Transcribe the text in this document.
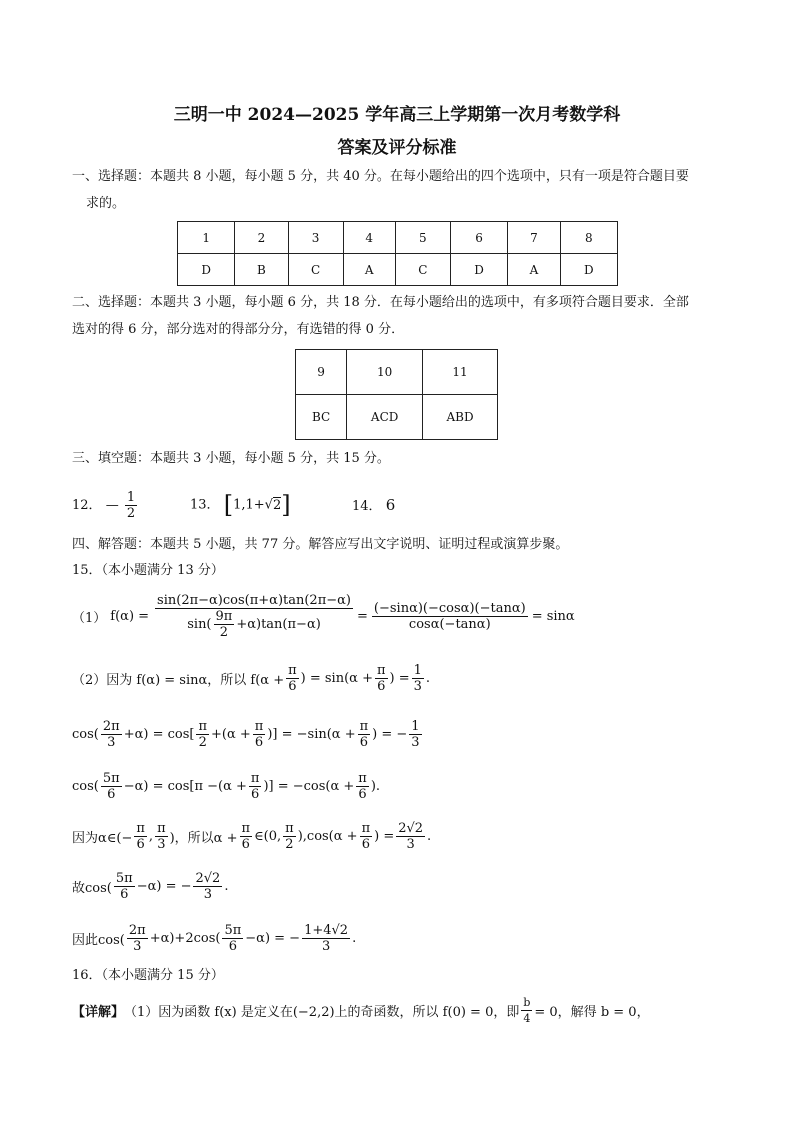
三明一中 2024—2025 学年高三上学期第一次月考数学科
答案及评分标准
一、选择题：本题共 8 小题，每小题 5 分，共 40 分。在每小题给出的四个选项中，只有一项是符合题目要
求的。
1	2	3	4	5	6	7	8
D	B	C	A	C	D	A	D
二、选择题：本题共 3 小题，每小题 6 分，共 18 分．在每小题给出的选项中，有多项符合题目要求．全部
选对的得 6 分，部分选对的得部分分，有选错的得 0 分．
9	10	11
BC	ACD	ABD
三、填空题：本题共 3 小题，每小题 5 分，共 15 分。
12． — $\frac{1}{2}$	13． [1,1+√2]	14． 6
四、解答题：本题共 5 小题，共 77 分。解答应写出文字说明、证明过程或演算步聚。
15．（本小题满分 13 分）
（1） $f(\alpha) = \frac{\sin(2\pi-\alpha)\cos(\pi+\alpha)\tan(2\pi-\alpha)}{\sin( \frac{9\pi}{2} +\alpha)\tan(\pi-\alpha)} = \frac{(-\sin\alpha)(-\cos\alpha)(-\tan\alpha)}{\cos\alpha(-\tan\alpha)} = \sin\alpha$
（2）因为 f(α) = sinα，所以 $f(\alpha + \frac{\pi}{6}$ ) = $\sin(\alpha + \frac{\pi}{6}$ ) = $\frac{1}{3}$ .
$\cos( \frac{2\pi}{3} +\alpha) = \cos[ \frac{\pi}{2} +(\alpha + \frac{\pi}{6}$ )] = $-\sin(\alpha + \frac{\pi}{6}$ ) = − $\frac{1}{3}$
$\cos( \frac{5\pi}{6} -\alpha) = \cos[\pi -(\alpha + \frac{\pi}{6}$ )] = $-\cos(\alpha + \frac{\pi}{6}$ ).
因为α∈(− $\frac{\pi}{6}$ , $\frac{\pi}{3}$ )，所以$\alpha + \frac{\pi}{6}$ ∈(0, $\frac{\pi}{2} ),\cos(\alpha + \frac{\pi}{6}$ ) = $\frac{2√2}{3}$ .
故$\cos( \frac{5\pi}{6} -\alpha)$ = − $\frac{2√2}{3}$ .
因此$\cos( \frac{2\pi}{3} +\alpha)+2\cos( \frac{5\pi}{6} -\alpha)$ = − $\frac{1+4√2}{3}$ .
16．（本小题满分 15 分）
【详解】 （1）因为函数 f(x) 是定义在(−2,2)上的奇函数，所以 f(0) = 0，即 $\frac{b}{4} = 0$，解得 b = 0，
